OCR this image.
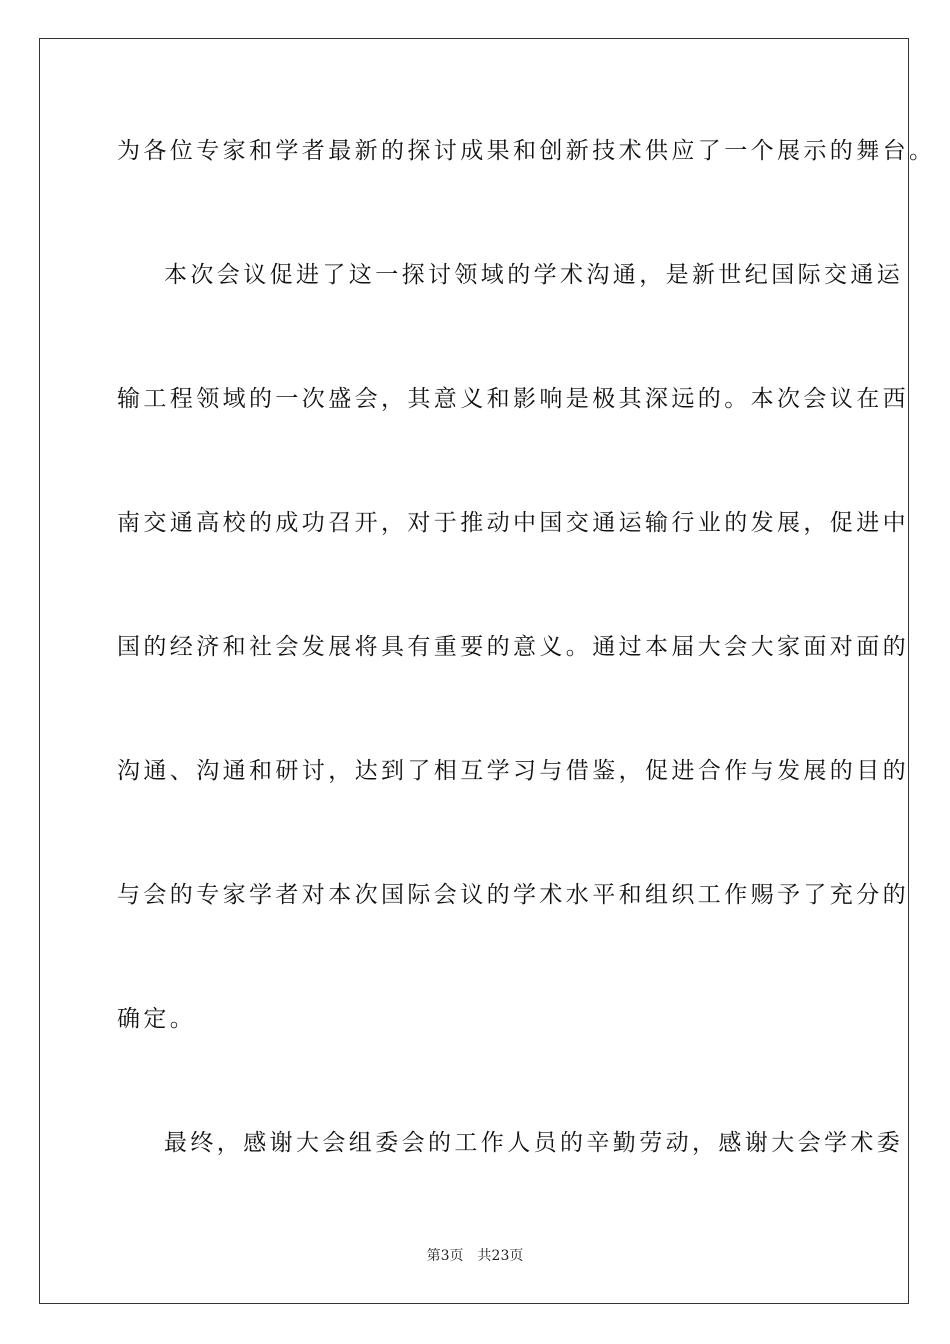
为各位专家和学者最新的探讨成果和创新技术供应了一个展示的舞台。
本次会议促进了这一探讨领域的学术沟通，是新世纪国际交通运
输工程领域的一次盛会，其意义和影响是极其深远的。本次会议在西
南交通高校的成功召开，对于推动中国交通运输行业的发展，促进中
国的经济和社会发展将具有重要的意义。通过本届大会大家面对面的
沟通、沟通和研讨，达到了相互学习与借鉴，促进合作与发展的目的
与会的专家学者对本次国际会议的学术水平和组织工作赐予了充分的
确定。
最终，感谢大会组委会的工作人员的辛勤劳动，感谢大会学术委
第3页 共23页
